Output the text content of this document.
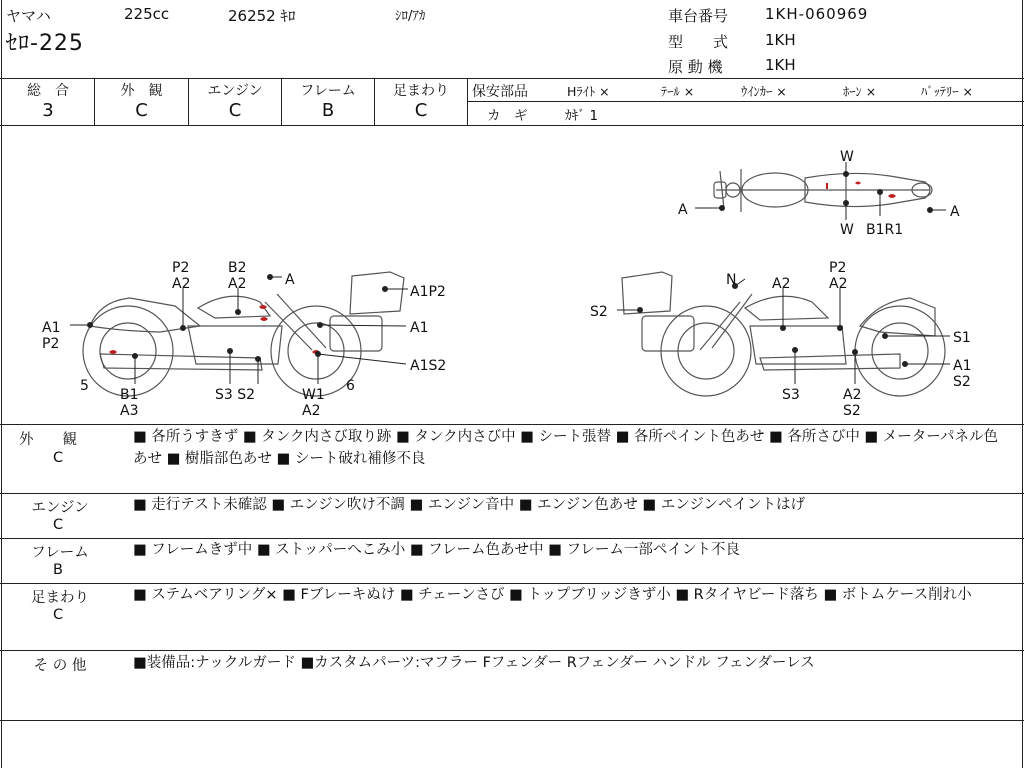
ヤマハ	225cc	26252 ｷﾛ	ｼﾛ/ｱｶ
ｾﾛ-225
車台番号 1KH-060969
型　　式 1KH
原 動 機	1KH
総　合
3
外　観
C
エンジン
C
フレーム
B
足まわり
C
保安部品	Hﾗｲﾄ ×	ﾃｰﾙ ×	ｳｲﾝｶｰ ×	ﾎｰﾝ ×	ﾊﾞｯﾃﾘｰ ×
カ　ギ	ｶｷﾞ 1
W
A	A
W B1R1
P2
A2
B2
A2	A
A1P2
A1
A1S2
A1
P2
5	6
B1
A3
S3 S2	W1
A2
N	A2
P2
A2
S2
S1
A1
S2
S3	A2
S2
外　　観
C
■ 各所うすきず ■ タンク内さび取り跡 ■ タンク内さび中 ■ シート張替 ■ 各所ペイント色あせ ■ 各所さび中 ■ メーターパネル色あせ ■ 樹脂部色あせ ■ シート破れ補修不良
エンジン
C
■ 走行テスト未確認 ■ エンジン吹け不調 ■ エンジン音中 ■ エンジン色あせ ■ エンジンペイントはげ
フレーム
B
■ フレームきず中 ■ ストッパーへこみ小 ■ フレーム色あせ中 ■ フレーム一部ペイント不良
足まわり
C
■ ステムベアリング× ■ Fブレーキぬけ ■ チェーンさび ■ トップブリッジきず小 ■ Rタイヤビード落ち ■ ボトムケース削れ小
そ の 他	■装備品:ナックルガード ■カスタムパーツ:マフラー Fフェンダー Rフェンダー ハンドル フェンダーレス
